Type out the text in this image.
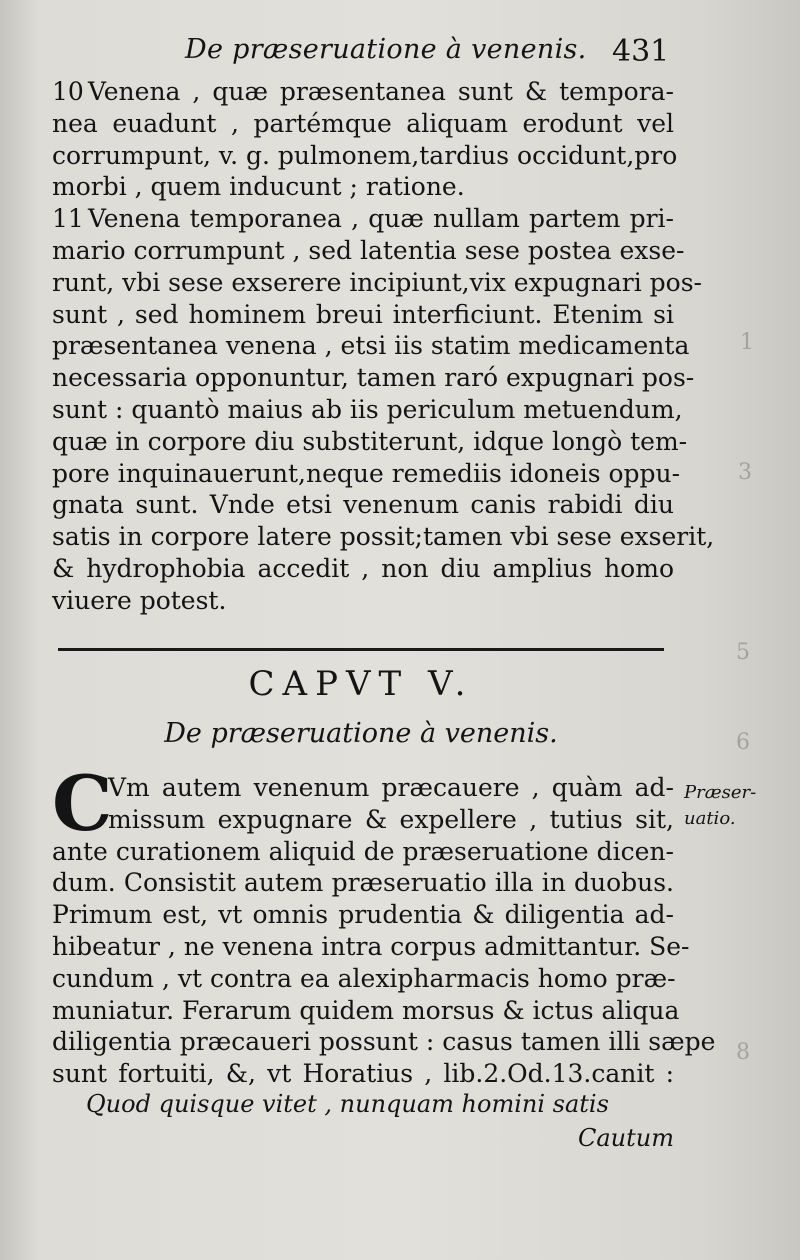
1
3
5
6
8
De præseruatione à venenis. 431
10 Venena , quæ præsentanea sunt & tempora-
nea euadunt , partémque aliquam erodunt vel
corrumpunt, v. g. pulmonem,tardius occidunt,pro
morbi , quem inducunt ; ratione.
11 Venena temporanea , quæ nullam partem pri-
mario corrumpunt , sed latentia sese postea exse-
runt, vbi sese exserere incipiunt,vix expugnari pos-
sunt , sed hominem breui interficiunt. Etenim si
præsentanea venena , etsi iis statim medicamenta
necessaria opponuntur, tamen raró expugnari pos-
sunt : quantò maius ab iis periculum metuendum,
quæ in corpore diu substiterunt, idque longò tem-
pore inquinauerunt,neque remediis idoneis oppu-
gnata sunt. Vnde etsi venenum canis rabidi diu
satis in corpore latere possit;tamen vbi sese exserit,
& hydrophobia accedit , non diu amplius homo
viuere potest.
CAPVT V.
De præseruatione à venenis.
C
Vm autem venenum præcauere , quàm ad-
missum expugnare & expellere , tutius sit,
ante curationem aliquid de præseruatione dicen-
dum. Consistit autem præseruatio illa in duobus.
Primum est, vt omnis prudentia & diligentia ad-
hibeatur , ne venena intra corpus admittantur. Se-
cundum , vt contra ea alexipharmacis homo præ-
muniatur. Ferarum quidem morsus & ictus aliqua
diligentia præcaueri possunt : casus tamen illi sæpe
sunt fortuiti, &, vt Horatius , lib.2.Od.13.canit :
Quod quisque vitet , nunquam homini satis
Cautum
Præser-
uatio.
